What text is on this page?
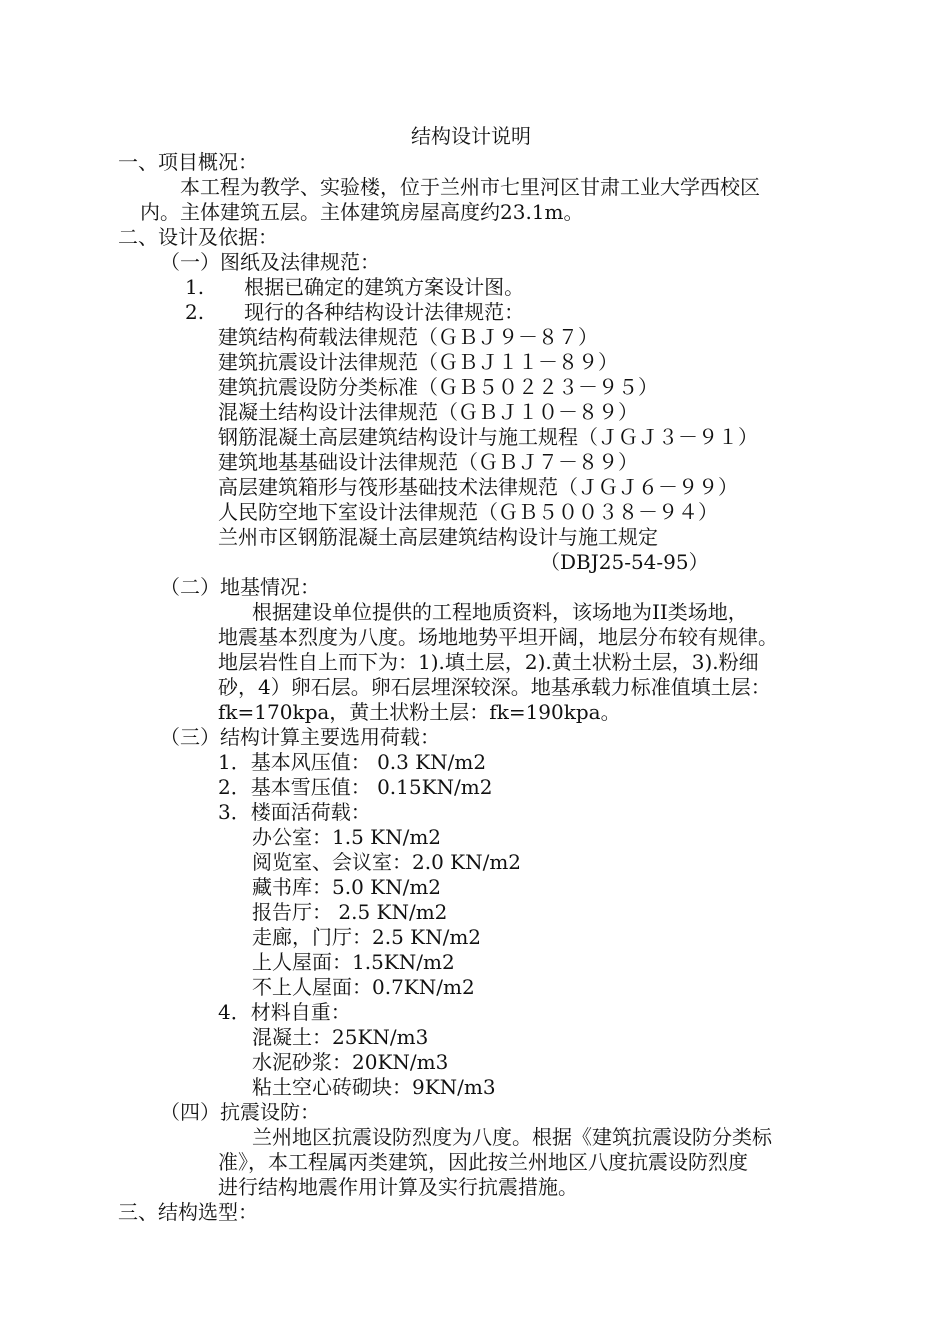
结构设计说明
一、项目概况：
本工程为教学、实验楼，位于兰州市七里河区甘肃工业大学西校区
内。主体建筑五层。主体建筑房屋高度约23.1m。
二、设计及依据：
（一）图纸及法律规范：
1.　　根据已确定的建筑方案设计图。
2.　　现行的各种结构设计法律规范：
建筑结构荷载法律规范（ＧＢＪ９－８７）
建筑抗震设计法律规范（ＧＢＪ１１－８９）
建筑抗震设防分类标准（ＧＢ５０２２３－９５）
混凝土结构设计法律规范（ＧＢＪ１０－８９）
钢筋混凝土高层建筑结构设计与施工规程（ＪＧＪ３－９１）
建筑地基基础设计法律规范（ＧＢＪ７－８９）
高层建筑箱形与筏形基础技术法律规范（ＪＧＪ６－９９）
人民防空地下室设计法律规范（ＧＢ５００３８－９４）
兰州市区钢筋混凝土高层建筑结构设计与施工规定
（DBJ25-54-95）
（二）地基情况：
根据建设单位提供的工程地质资料，该场地为II类场地，
地震基本烈度为八度。场地地势平坦开阔，地层分布较有规律。
地层岩性自上而下为：1).填土层，2).黄土状粉土层，3).粉细
砂，4）卵石层。卵石层埋深较深。地基承载力标准值填土层：
fk=170kpa，黄土状粉土层：fk=190kpa。
（三）结构计算主要选用荷载：
1．基本风压值： 0.3 KN/m2
2．基本雪压值： 0.15KN/m2
3．楼面活荷载：
办公室：1.5 KN/m2
阅览室、会议室：2.0 KN/m2
藏书库：5.0 KN/m2
报告厅： 2.5 KN/m2
走廊，门厅：2.5 KN/m2
上人屋面：1.5KN/m2
不上人屋面：0.7KN/m2
4．材料自重：
混凝土：25KN/m3
水泥砂浆：20KN/m3
粘土空心砖砌块：9KN/m3
（四）抗震设防：
兰州地区抗震设防烈度为八度。根据《建筑抗震设防分类标
准》，本工程属丙类建筑，因此按兰州地区八度抗震设防烈度
进行结构地震作用计算及实行抗震措施。
三、结构选型：
